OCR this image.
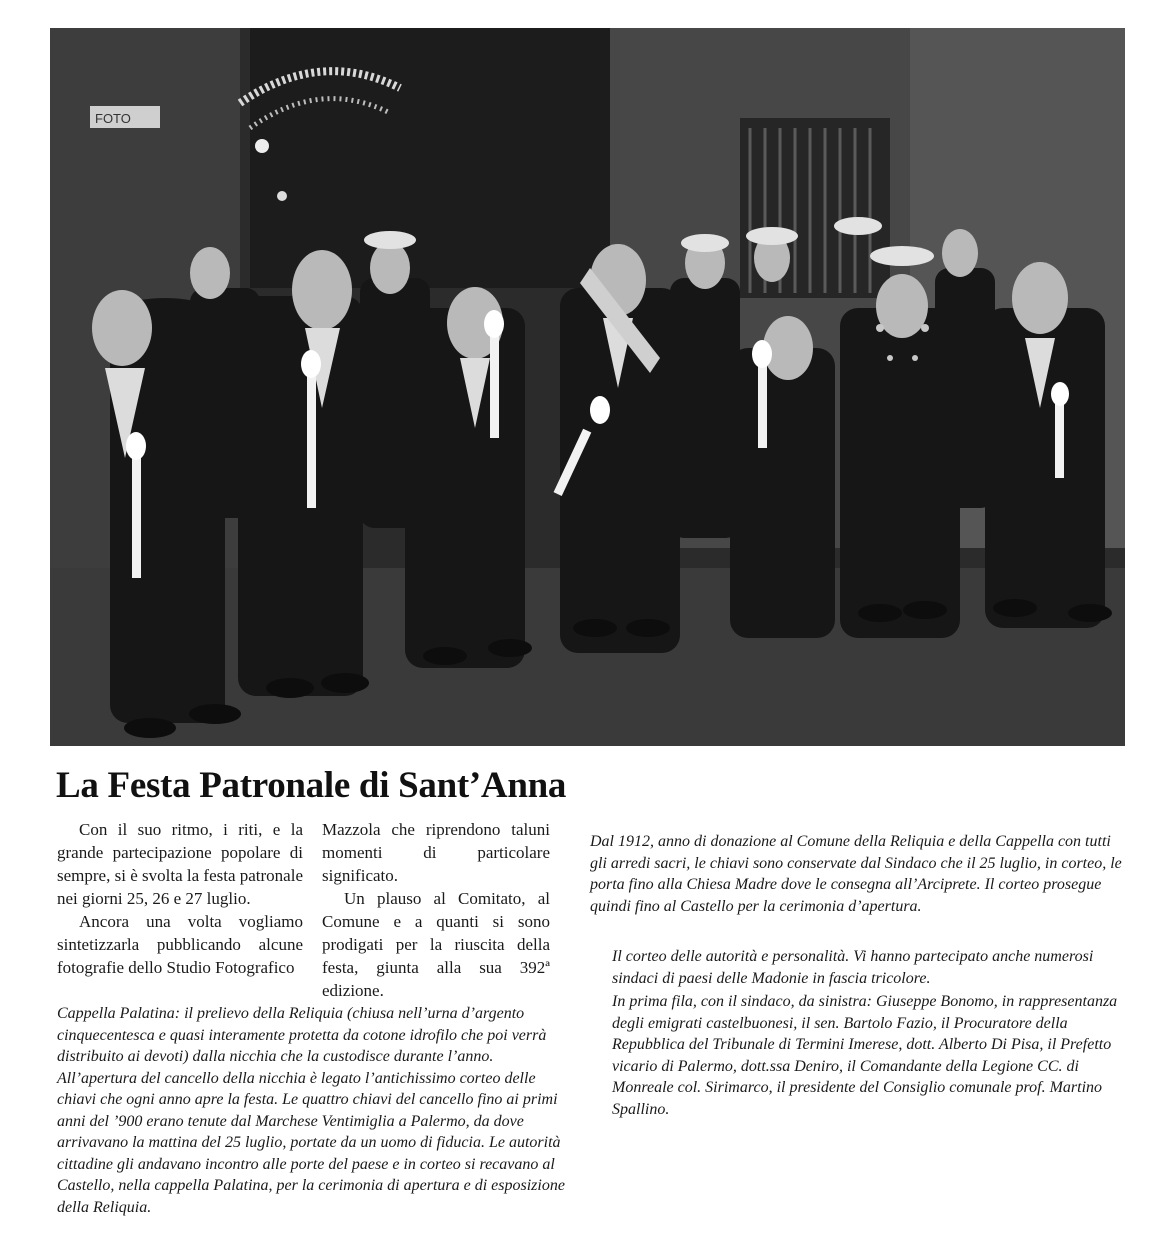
FOTO
La Festa Patronale di Sant’Anna

Con il suo ritmo, i riti, e la grande partecipazione popolare di sempre, si è svolta la festa patronale nei giorni 25, 26 e 27 luglio.

Ancora una volta vogliamo sintetizzarla pubblicando alcune fotografie dello Studio Fotografico

Mazzola che riprendono taluni momenti di particolare significato.

Un plauso al Comitato, al Comune e a quanti si sono prodigati per la riuscita della festa, giunta alla sua 392ª edizione.

Cappella Palatina: il prelievo della Reliquia (chiusa nell’urna d’argento cinquecentesca e quasi interamente protetta da cotone idrofilo che poi verrà distribuito ai devoti) dalla nicchia che la custodisce durante l’anno. All’apertura del cancello della nicchia è legato l’antichissimo corteo delle chiavi che ogni anno apre la festa. Le quattro chiavi del cancello fino ai primi anni del ’900 erano tenute dal Marchese Ventimiglia a Palermo, da dove arrivavano la mattina del 25 luglio, portate da un uomo di fiducia. Le autorità cittadine gli andavano incontro alle porte del paese e in corteo si recavano al Castello, nella cappella Palatina, per la cerimonia di apertura e di esposizione della Reliquia.

Dal 1912, anno di donazione al Comune della Reliquia e della Cappella con tutti gli arredi sacri, le chiavi sono conservate dal Sindaco che il 25 luglio, in corteo, le porta fino alla Chiesa Madre dove le consegna all’Arciprete. Il corteo prosegue quindi fino al Castello per la cerimonia d’apertura.

Il corteo delle autorità e personalità. Vi hanno partecipato anche numerosi sindaci di paesi delle Madonie in fascia tricolore.

In prima fila, con il sindaco, da sinistra: Giuseppe Bonomo, in rappresentanza degli emigrati castelbuonesi, il sen. Bartolo Fazio, il Procuratore della Repubblica del Tribunale di Termini Imerese, dott. Alberto Di Pisa, il Prefetto vicario di Palermo, dott.ssa Deniro, il Comandante della Legione CC. di Monreale col. Sirimarco, il presidente del Consiglio comunale prof. Martino Spallino.
